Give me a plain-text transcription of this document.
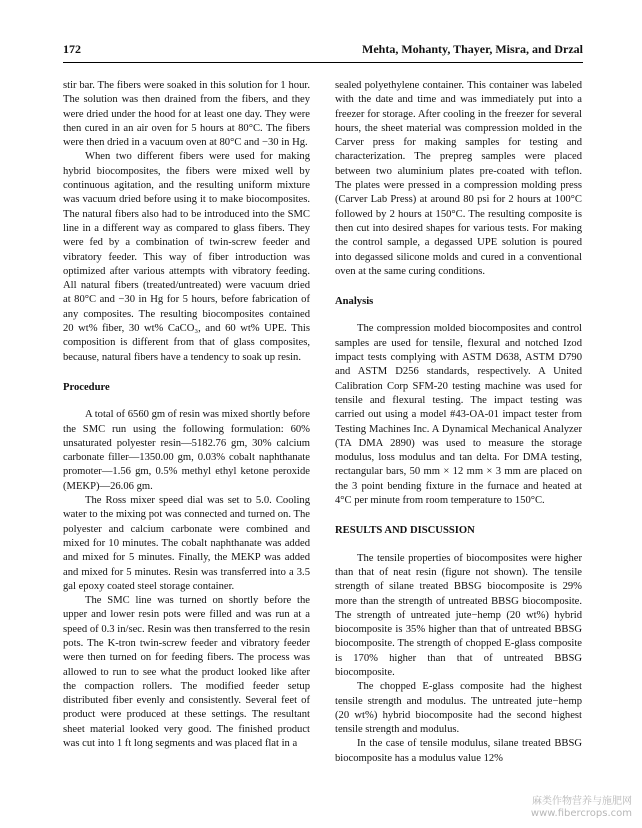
172	Mehta, Mohanty, Thayer, Misra, and Drzal

stir bar. The fibers were soaked in this solution for 1 hour. The solution was then drained from the fibers, and they were dried under the hood for at least one day. They were then cured in an air oven for 5 hours at 80°C. The fibers were then dried in a vacuum oven at 80°C and −30 in Hg.

When two different fibers were used for making hybrid biocomposites, the fibers were mixed well by continuous agitation, and the resulting uniform mixture was vacuum dried before using it to make biocomposites. The natural fibers also had to be introduced into the SMC line in a different way as compared to glass fibers. They were fed by a combination of twin-screw feeder and vibratory feeder. This way of fiber introduction was optimized after various attempts with vibratory feeding. All natural fibers (treated/untreated) were vacuum dried at 80°C and −30 in Hg for 5 hours, before fabrication of any composites. The resulting biocomposites contained 20 wt% fiber, 30 wt% CaCO₃, and 60 wt% UPE. This composition is different from that of glass composites, because, natural fibers have a tendency to soak up resin.

Procedure

A total of 6560 gm of resin was mixed shortly before the SMC run using the following formulation: 60% unsaturated polyester resin—5182.76 gm, 30% calcium carbonate filler—1350.00 gm, 0.03% cobalt naphthanate promoter—1.56 gm, 0.5% methyl ethyl ketone peroxide (MEKP)—26.06 gm.

The Ross mixer speed dial was set to 5.0. Cooling water to the mixing pot was connected and turned on. The polyester and calcium carbonate were combined and mixed for 10 minutes. The cobalt naphthanate was added and mixed for 5 minutes. Finally, the MEKP was added and mixed for 5 minutes. Resin was transferred into a 3.5 gal epoxy coated steel storage container.

The SMC line was turned on shortly before the upper and lower resin pots were filled and was run at a speed of 0.3 in/sec. Resin was then transferred to the resin pots. The K-tron twin-screw feeder and vibratory feeder were then turned on for feeding fibers. The process was allowed to run to see what the product looked like after the compaction rollers. The modified feeder setup distributed fiber evenly and consistently. Several feet of product were produced at these settings. The resultant sheet material looked very good. The finished product was cut into 1 ft long segments and was placed flat in a

sealed polyethylene container. This container was labeled with the date and time and was immediately put into a freezer for storage. After cooling in the freezer for several hours, the sheet material was compression molded in the Carver press for making samples for testing and characterization. The prepreg samples were placed between two aluminium plates pre-coated with teflon. The plates were pressed in a compression molding press (Carver Lab Press) at around 80 psi for 2 hours at 100°C followed by 2 hours at 150°C. The resulting composite is then cut into desired shapes for various tests. For making the control sample, a degassed UPE solution is poured into degassed silicone molds and cured in a conventional oven at the same curing conditions.

Analysis

The compression molded biocomposites and control samples are used for tensile, flexural and notched Izod impact tests complying with ASTM D638, ASTM D790 and ASTM D256 standards, respectively. A United Calibration Corp SFM-20 testing machine was used for tensile and flexural testing. The impact testing was carried out using a model #43-OA-01 impact tester from Testing Machines Inc. A Dynamical Mechanical Analyzer (TA DMA 2890) was used to measure the storage modulus, loss modulus and tan delta. For DMA testing, rectangular bars, 50 mm × 12 mm × 3 mm are placed on the 3 point bending fixture in the furnace and heated at 4°C per minute from room temperature to 150°C.

RESULTS AND DISCUSSION

The tensile properties of biocomposites were higher than that of neat resin (figure not shown). The tensile strength of silane treated BBSG biocomposite is 29% more than the strength of untreated BBSG biocomposite. The strength of untreated jute−hemp (20 wt%) hybrid biocomposite is 35% higher than that of untreated BBSG biocomposite. The strength of chopped E-glass composite is 170% higher than that of untreated BBSG biocomposite.

The chopped E-glass composite had the highest tensile strength and modulus. The untreated jute−hemp (20 wt%) hybrid biocomposite had the second highest tensile strength and modulus.

In the case of tensile modulus, silane treated BBSG biocomposite has a modulus value 12%

麻类作物营养与施肥网
www.fibercrops.com
